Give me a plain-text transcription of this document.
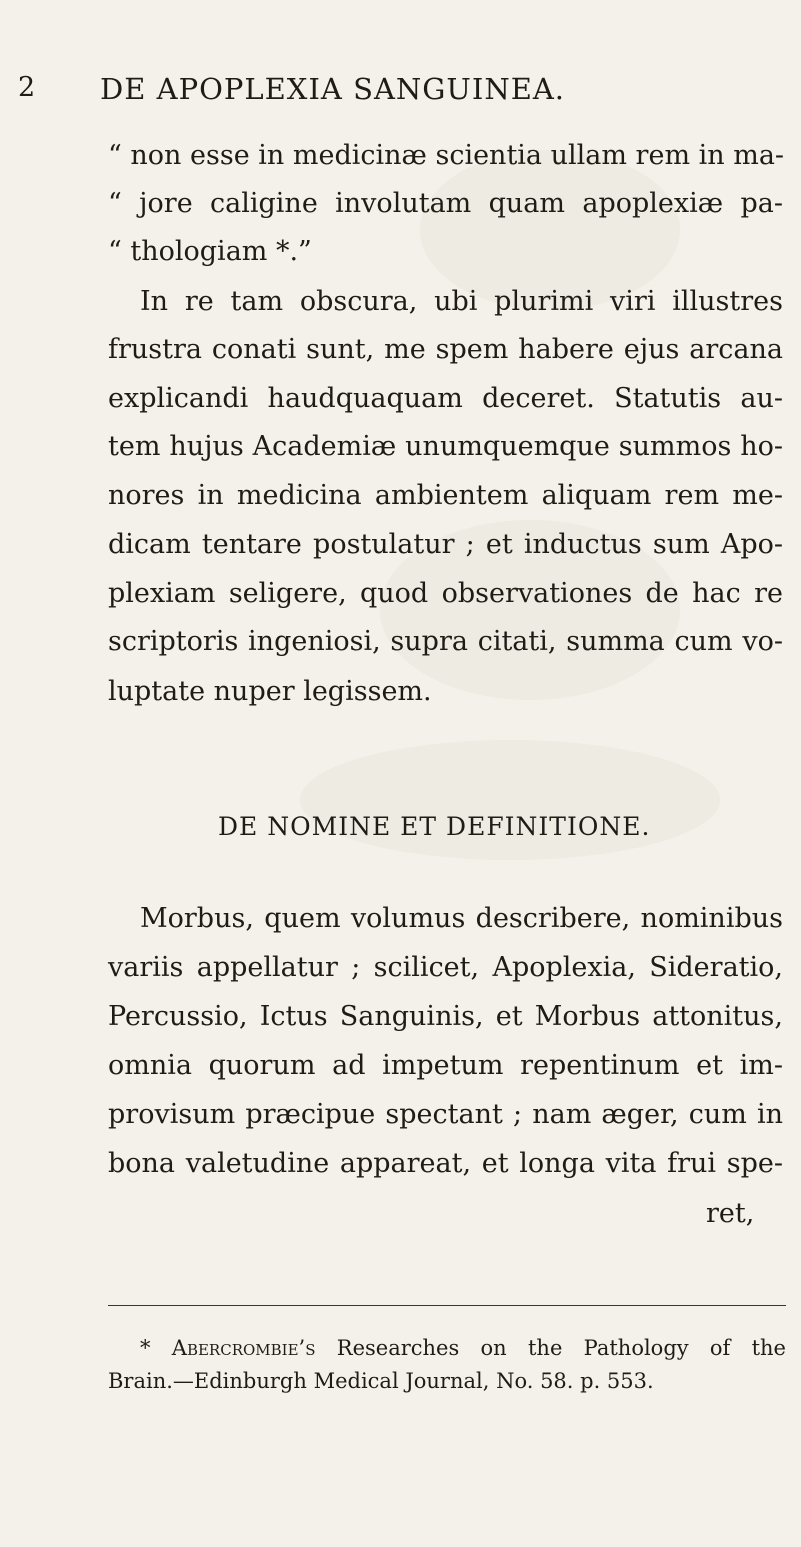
2 DE APOPLEXIA SANGUINEA.
“ non esse in medicinæ scientia ullam rem in ma-
“ jore caligine involutam quam apoplexiæ pa-
“ thologiam *.”
In re tam obscura, ubi plurimi viri illustres
frustra conati sunt, me spem habere ejus arcana
explicandi haudquaquam deceret. Statutis au-
tem hujus Academiæ unumquemque summos ho-
nores in medicina ambientem aliquam rem me-
dicam tentare postulatur ; et inductus sum Apo-
plexiam seligere, quod observationes de hac re
scriptoris ingeniosi, supra citati, summa cum vo-
luptate nuper legissem.
DE NOMINE ET DEFINITIONE.
Morbus, quem volumus describere, nominibus
variis appellatur ; scilicet, Apoplexia, Sideratio,
Percussio, Ictus Sanguinis, et Morbus attonitus,
omnia quorum ad impetum repentinum et im-
provisum præcipue spectant ; nam æger, cum in
bona valetudine appareat, et longa vita frui spe-
ret,
* Abercrombie’s Researches on the Pathology of the
Brain.—Edinburgh Medical Journal, No. 58. p. 553.
